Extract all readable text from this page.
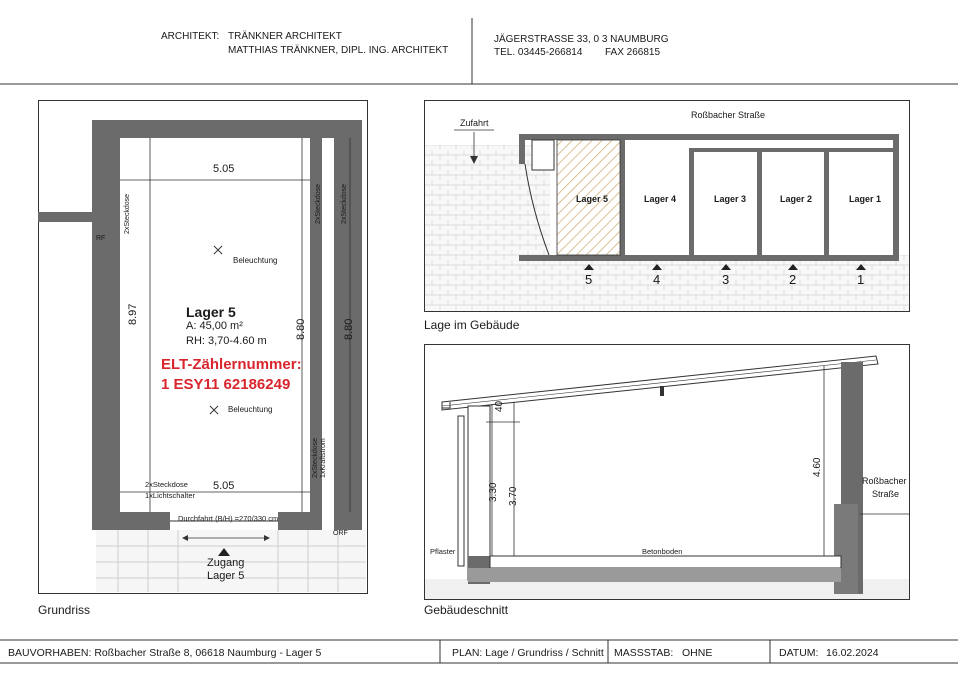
ARCHITEKT: TRÄNKNER ARCHITEKT
MATTHIAS TRÄNKNER, DIPL. ING. ARCHITEKT
JÄGERSTRASSE 33, 0 3 NAUMBURG
TEL. 03445-266814 FAX 266815
5.05
5.05
8.97
8.80	8.80
Beleuchtung
Beleuchtung
Lager 5
A: 45,00 m²
RH: 3,70-4.60 m
ELT-Zählernummer:
1 ESY11 62186249
2xSteckdose	2xSteckdose	2xSteckdose
2xSteckdose 1xKraftstrom
2xSteckdose
1xLichtschalter
Durchfahrt (B/H) =270/330 cm
Zugang
Lager 5
RF
ORF
Grundriss
Roßbacher Straße
Zufahrt
Lager 5	Lager 4	Lager 3	Lager 2	Lager 1
5	4	3	2	1
Lage im Gebäude
40
3.30 3.70
4.60
Roßbacher
Straße
Pflaster	Betonboden
Gebäudeschnitt
BAUVORHABEN: Roßbacher Straße 8, 06618 Naumburg - Lager 5	PLAN: Lage / Grundriss / Schnitt MASSSTAB: OHNE	DATUM: 16.02.2024
